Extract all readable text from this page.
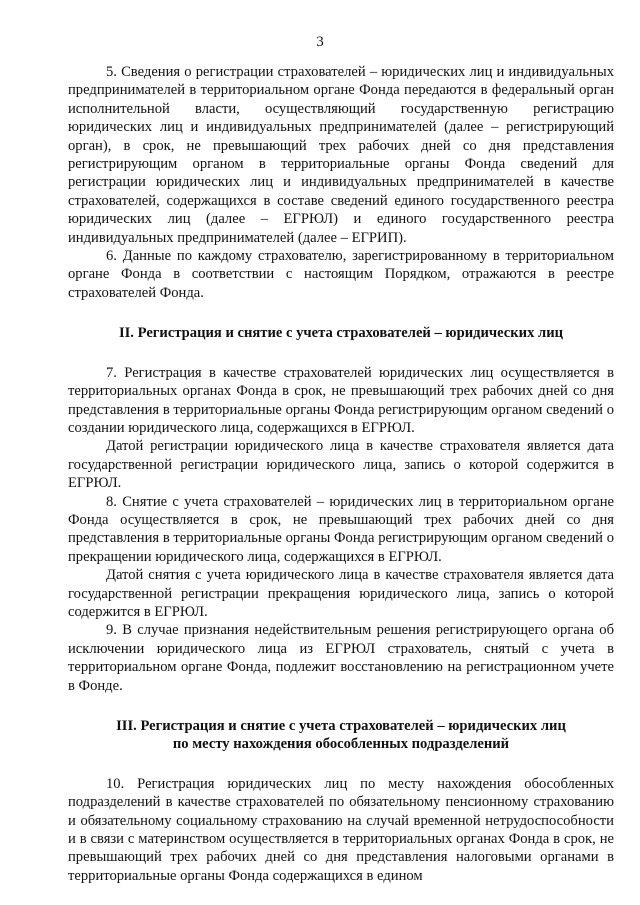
3

5. Сведения о регистрации страхователей – юридических лиц и индивидуальных предпринимателей в территориальном органе Фонда передаются в федеральный орган исполнительной власти, осуществляющий государственную регистрацию юридических лиц и индивидуальных предпринимателей (далее – регистрирующий орган), в срок, не превышающий трех рабочих дней со дня представления регистрирующим органом в территориальные органы Фонда сведений для регистрации юридических лиц и индивидуальных предпринимателей в качестве страхователей, содержащихся в составе сведений единого государственного реестра юридических лиц (далее – ЕГРЮЛ) и единого государственного реестра индивидуальных предпринимателей (далее – ЕГРИП).

6. Данные по каждому страхователю, зарегистрированному в территориальном органе Фонда в соответствии с настоящим Порядком, отражаются в реестре страхователей Фонда.

II. Регистрация и снятие с учета страхователей – юридических лиц

7. Регистрация в качестве страхователей юридических лиц осуществляется в территориальных органах Фонда в срок, не превышающий трех рабочих дней со дня представления в территориальные органы Фонда регистрирующим органом сведений о создании юридического лица, содержащихся в ЕГРЮЛ.

Датой регистрации юридического лица в качестве страхователя является дата государственной регистрации юридического лица, запись о которой содержится в ЕГРЮЛ.

8. Снятие с учета страхователей – юридических лиц в территориальном органе Фонда осуществляется в срок, не превышающий трех рабочих дней со дня представления в территориальные органы Фонда регистрирующим органом сведений о прекращении юридического лица, содержащихся в ЕГРЮЛ.

Датой снятия с учета юридического лица в качестве страхователя является дата государственной регистрации прекращения юридического лица, запись о которой содержится в ЕГРЮЛ.

9. В случае признания недействительным решения регистрирующего органа об исключении юридического лица из ЕГРЮЛ страхователь, снятый с учета в территориальном органе Фонда, подлежит восстановлению на регистрационном учете в Фонде.

III. Регистрация и снятие с учета страхователей – юридических лиц
по месту нахождения обособленных подразделений

10. Регистрация юридических лиц по месту нахождения обособленных подразделений в качестве страхователей по обязательному пенсионному страхованию и обязательному социальному страхованию на случай временной нетрудоспособности и в связи с материнством осуществляется в территориальных органах Фонда в срок, не превышающий трех рабочих дней со дня представления налоговыми органами в территориальные органы Фонда содержащихся в едином
